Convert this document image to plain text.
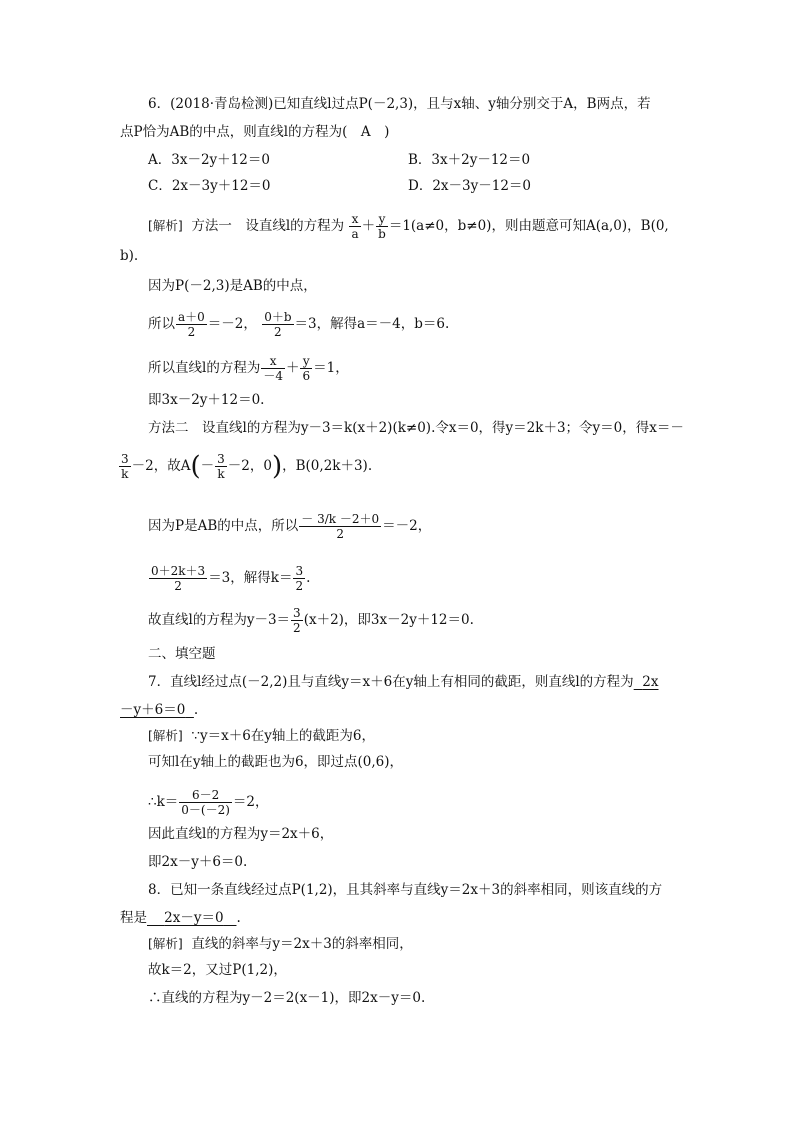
6．(2018·青岛检测)已知直线l过点P(－2,3)，且与x轴、y轴分别交于A，B两点，若
点P恰为AB的中点，则直线l的方程为(　A　)
A．3x－2y＋12＝0	B．3x＋2y－12＝0
C．2x－3y＋12＝0	D．2x－3y－12＝0
[解析] 方法一　设直线l的方程为 $\frac{x}{a} + \frac{y}{b} =1(a\ne 0$，b≠0)，则由题意可知A(a,0)，B(0,
b).
因为P(－2,3)是AB的中点，
所以 $\frac{a+0}{2} =-2$， $\frac{0+b}{2} =3$，解得a＝－4，b＝6.
所以直线l的方程为 $\frac{x}{-4} + \frac{y}{6} =1$，
即3x－2y＋12＝0.
方法二　设直线l的方程为y－3＝k(x＋2)(k≠0).令x＝0，得y＝2k＋3；令y＝0，得x＝－
$\frac{3}{k} -2$，故$A(- \frac{3}{k} -2$，0)，B(0,2k＋3).
因为P是AB的中点，所以 $\frac{- 3/k -2+0}{2} =-2$，
$\frac{0+2k+3}{2} =3$，解得$k= \frac{3}{2}$ .
故直线l的方程为$y-3= \frac{3}{2} (x+2)$，即3x－2y＋12＝0.
二、填空题
7．直线l经过点(－2,2)且与直线y＝x＋6在y轴上有相同的截距，则直线l的方程为 2x
－y＋6＝0 .
[解析] ∵y＝x＋6在y轴上的截距为6，
可知l在y轴上的截距也为6，即过点(0,6)，
∴k＝ $\frac{6-2}{0-(-2)} =2$，
因此直线l的方程为y＝2x＋6，
即2x－y＋6＝0.
8．已知一条直线经过点P(1,2)，且其斜率与直线y＝2x＋3的斜率相同，则该直线的方
程是 2x－y＝0 .
[解析] 直线的斜率与y＝2x＋3的斜率相同，
故k＝2，又过P(1,2)，
∴直线的方程为y－2＝2(x－1)，即2x－y＝0.
